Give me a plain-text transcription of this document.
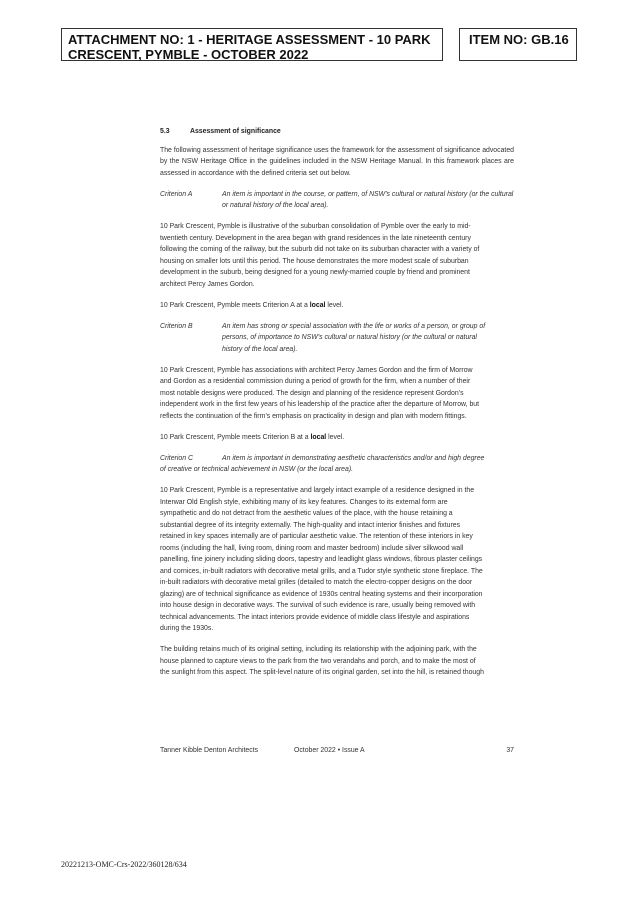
ATTACHMENT NO: 1 - HERITAGE ASSESSMENT - 10 PARK
CRESCENT, PYMBLE - OCTOBER 2022
ITEM NO: GB.16
5.3	Assessment of significance

The following assessment of heritage significance uses the framework for the assessment of significance advocated by the NSW Heritage Office in the guidelines included in the NSW Heritage Manual. In this framework places are assessed in accordance with the defined criteria set out below.

Criterion A	An item is important in the course, or pattern, of NSW’s cultural or natural history (or the cultural or natural history of the local area).

10 Park Crescent, Pymble is illustrative of the suburban consolidation of Pymble over the early to mid-
twentieth century. Development in the area began with grand residences in the late nineteenth century
following the coming of the railway, but the suburb did not take on its suburban character with a variety of
housing on smaller lots until this period. The house demonstrates the more modest scale of suburban
development in the suburb, being designed for a young newly-married couple by friend and prominent
architect Percy James Gordon.

10 Park Crescent, Pymble meets Criterion A at a local level.

Criterion B	An item has strong or special association with the life or works of a person, or group of
persons, of importance to NSW’s cultural or natural history (or the cultural or natural
history of the local area).

10 Park Crescent, Pymble has associations with architect Percy James Gordon and the firm of Morrow
and Gordon as a residential commission during a period of growth for the firm, when a number of their
most notable designs were produced. The design and planning of the residence represent Gordon’s
independent work in the first few years of his leadership of the practice after the departure of Morrow, but
reflects the continuation of the firm’s emphasis on practicality in design and plan with modern fittings.

10 Park Crescent, Pymble meets Criterion B at a local level.

Criterion C	An item is important in demonstrating aesthetic characteristics and/or and high degree
of creative or technical achievement in NSW (or the local area).

10 Park Crescent, Pymble is a representative and largely intact example of a residence designed in the
Interwar Old English style, exhibiting many of its key features. Changes to its external form are
sympathetic and do not detract from the aesthetic values of the place, with the house retaining a
substantial degree of its integrity externally. The high-quality and intact interior finishes and fixtures
retained in key spaces internally are of particular aesthetic value. The retention of these interiors in key
rooms (including the hall, living room, dining room and master bedroom) include silver silkwood wall
panelling, fine joinery including sliding doors, tapestry and leadlight glass windows, fibrous plaster ceilings
and cornices, in-built radiators with decorative metal grills, and a Tudor style synthetic stone fireplace. The
in-built radiators with decorative metal grilles (detailed to match the electro-copper designs on the door
glazing) are of technical significance as evidence of 1930s central heating systems and their incorporation
into house design in decorative ways. The survival of such evidence is rare, usually being removed with
technical advancements. The intact interiors provide evidence of middle class lifestyle and aspirations
during the 1930s.

The building retains much of its original setting, including its relationship with the adjoining park, with the
house planned to capture views to the park from the two verandahs and porch, and to make the most of
the sunlight from this aspect. The split-level nature of its original garden, set into the hill, is retained though

Tanner Kibble Denton Architects	October 2022 • Issue A	37
20221213-OMC-Crs-2022/360128/634
